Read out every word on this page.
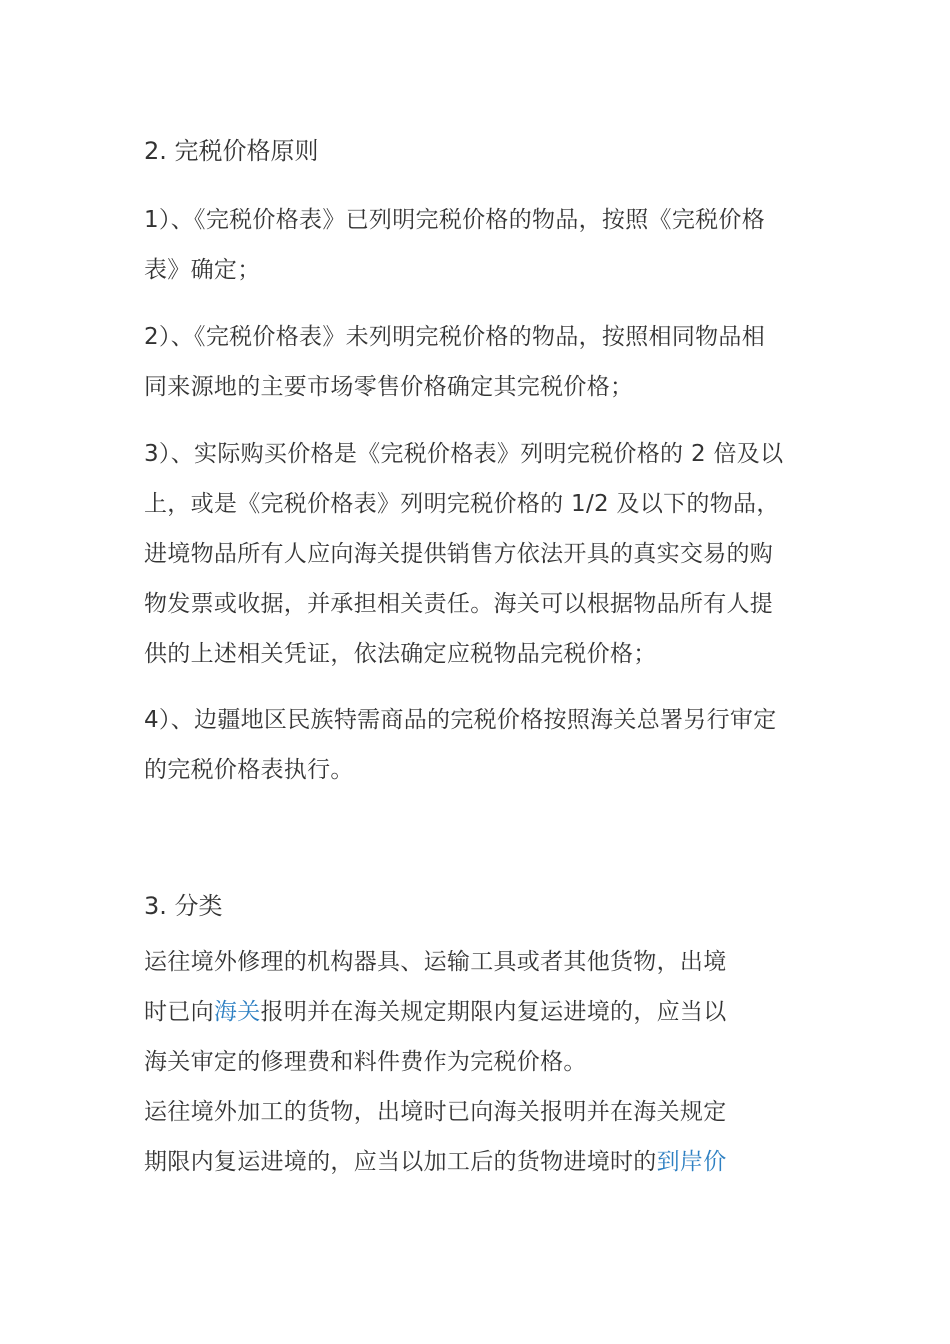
2. 完税价格原则
1）、《完税价格表》已列明完税价格的物品，按照《完税价格
表》确定；
2）、《完税价格表》未列明完税价格的物品，按照相同物品相
同来源地的主要市场零售价格确定其完税价格；
3）、实际购买价格是《完税价格表》列明完税价格的 2 倍及以
上，或是《完税价格表》列明完税价格的 1/2 及以下的物品，
进境物品所有人应向海关提供销售方依法开具的真实交易的购
物发票或收据，并承担相关责任。海关可以根据物品所有人提
供的上述相关凭证，依法确定应税物品完税价格；
4）、边疆地区民族特需商品的完税价格按照海关总署另行审定
的完税价格表执行。
3. 分类
运往境外修理的机构器具、运输工具或者其他货物，出境
时已向海关报明并在海关规定期限内复运进境的，应当以
海关审定的修理费和料件费作为完税价格。
运往境外加工的货物，出境时已向海关报明并在海关规定
期限内复运进境的，应当以加工后的货物进境时的到岸价
